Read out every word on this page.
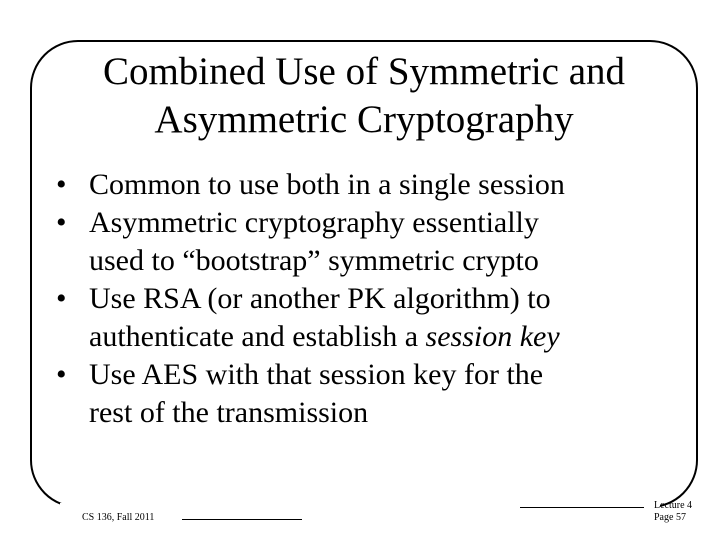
Combined Use of Symmetric and
Asymmetric Cryptography
• Common to use both in a single session
• Asymmetric cryptography essentially
used to “bootstrap” symmetric crypto
• Use RSA (or another PK algorithm) to
authenticate and establish a session key
• Use AES with that session key for the
rest of the transmission
CS 136, Fall 2011
Lecture 4
Page 57
